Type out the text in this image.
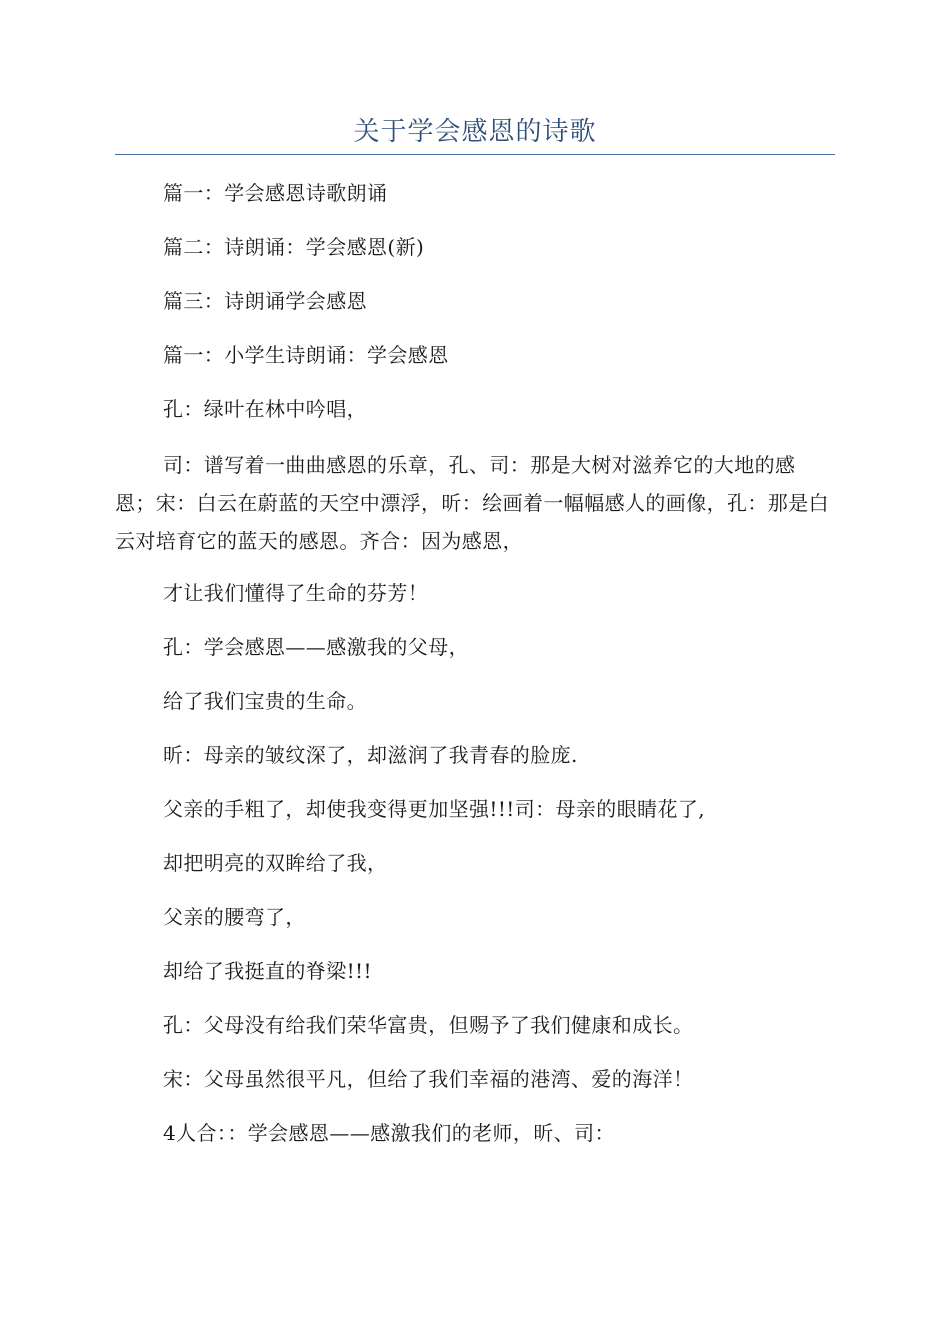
关于学会感恩的诗歌

篇一：学会感恩诗歌朗诵

篇二：诗朗诵：学会感恩(新)

篇三：诗朗诵学会感恩

篇一：小学生诗朗诵：学会感恩

孔：绿叶在林中吟唱，

司：谱写着一曲曲感恩的乐章，孔、司：那是大树对滋养它的大地的感恩；宋：白云在蔚蓝的天空中漂浮，昕：绘画着一幅幅感人的画像，孔：那是白云对培育它的蓝天的感恩。齐合：因为感恩，

才让我们懂得了生命的芬芳！

孔：学会感恩——感激我的父母，

给了我们宝贵的生命。

昕：母亲的皱纹深了，却滋润了我青春的脸庞.

父亲的手粗了，却使我变得更加坚强!!!司：母亲的眼睛花了,

却把明亮的双眸给了我，

父亲的腰弯了，

却给了我挺直的脊梁!!!

孔：父母没有给我们荣华富贵，但赐予了我们健康和成长。

宋：父母虽然很平凡，但给了我们幸福的港湾、爱的海洋！

4人合：：学会感恩——感激我们的老师，昕、司：
